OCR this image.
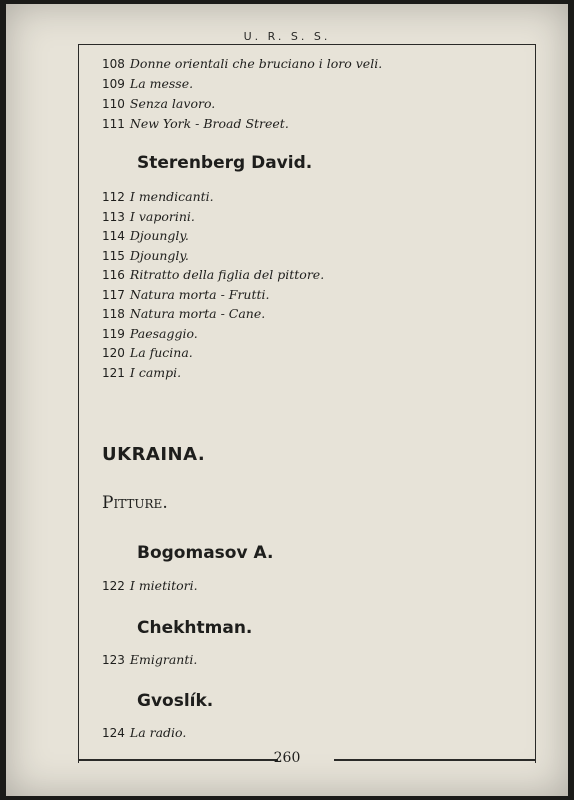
U. R. S. S.
260
108 Donne orientali che bruciano i loro veli.
109 La messe.
110 Senza lavoro.
111 New York - Broad Street.
Sterenberg David.
112 I mendicanti.
113 I vaporini.
114 Djoungly.
115 Djoungly.
116 Ritratto della figlia del pittore.
117 Natura morta - Frutti.
118 Natura morta - Cane.
119 Paesaggio.
120 La fucina.
121 I campi.
UKRAINA.
Pitture.
Bogomasov A.
122 I mietitori.
Chekhtman.
123 Emigranti.
Gvoslík.
124 La radio.
